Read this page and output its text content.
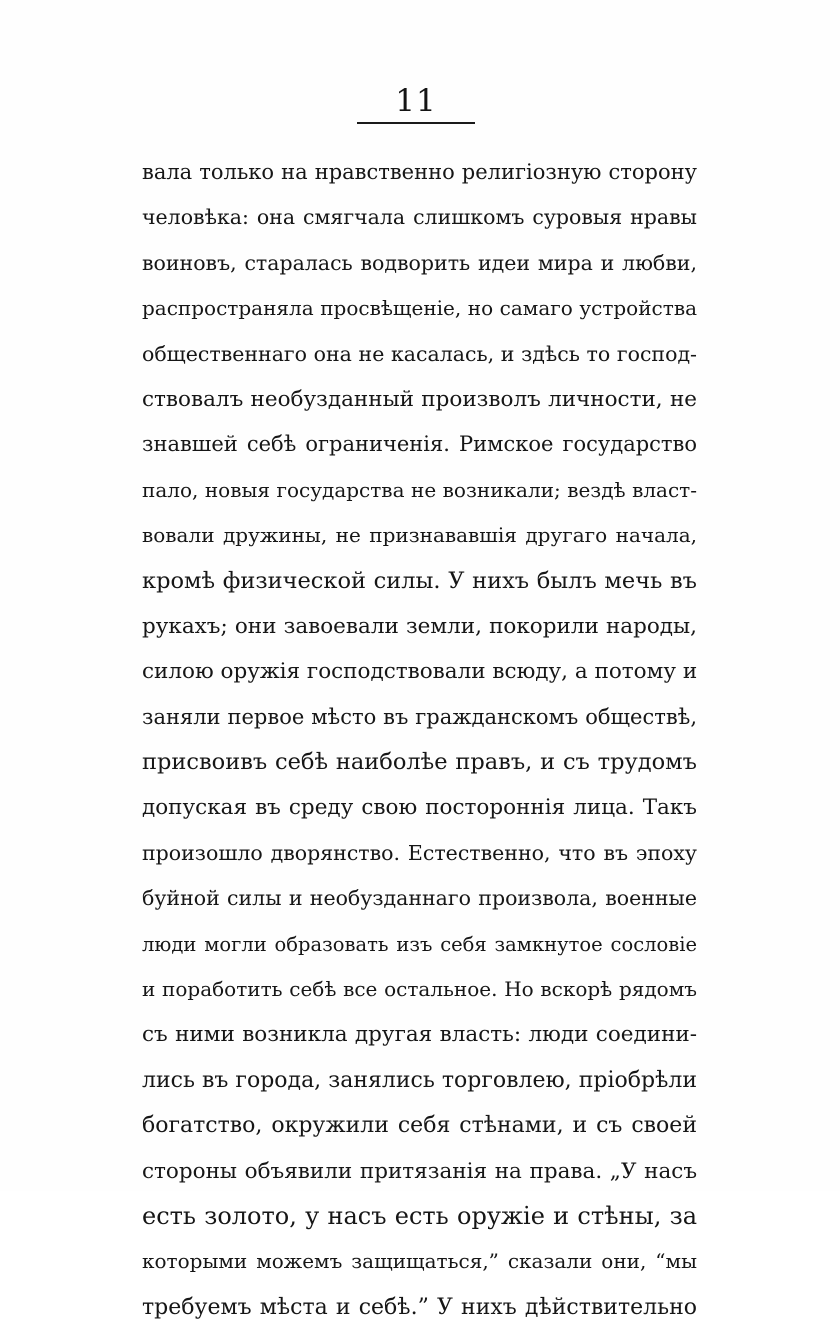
11
вала только на нравственно религіозную сторону
человѣка: она смягчала слишкомъ суровыя нравы
воиновъ, старалась водворить идеи мира и любви,
распространяла просвѣщеніе, но самаго устройства
общественнаго она не касалась, и здѣсь то господ-
ствовалъ необузданный произволъ личности, не
знавшей себѣ ограниченія. Римское государство
пало, новыя государства не возникали; вездѣ власт-
вовали дружины, не признававшія другаго начала,
кромѣ физической силы. У нихъ былъ мечь въ
рукахъ; они завоевали земли, покорили народы,
силою оружія господствовали всюду, а потому и
заняли первое мѣсто въ гражданскомъ обществѣ,
присвоивъ себѣ наиболѣе правъ, и съ трудомъ
допуская въ среду свою постороннія лица. Такъ
произошло дворянство. Естественно, что въ эпоху
буйной силы и необузданнаго произвола, военные
люди могли образовать изъ себя замкнутое сословіе
и поработить себѣ все остальное. Но вскорѣ рядомъ
съ ними возникла другая власть: люди соедини-
лись въ города, занялись торговлею, пріобрѣли
богатство, окружили себя стѣнами, и съ своей
стороны объявили притязанія на права. „У насъ
есть золото, у насъ есть оружіе и стѣны, за
которыми можемъ защищаться,” сказали они, “мы
требуемъ мѣста и себѣ.” У нихъ дѣйствительно
